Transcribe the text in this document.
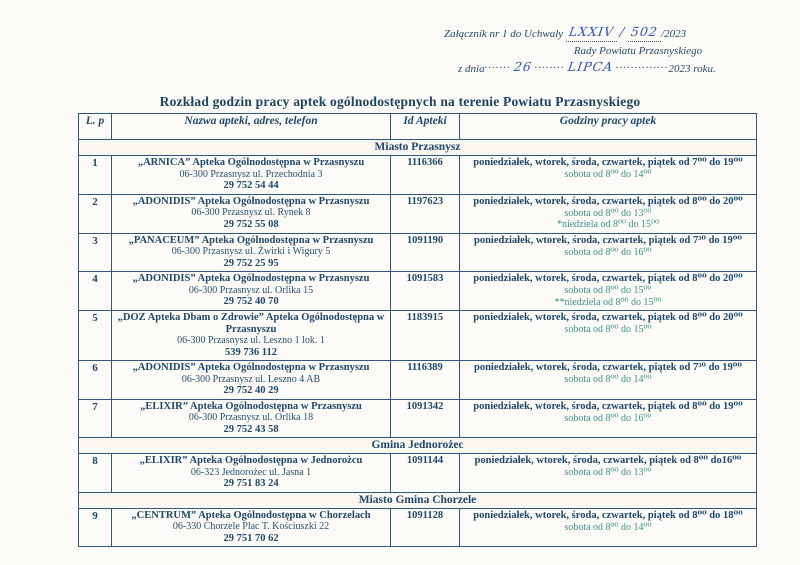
Załącznik nr 1 do Uchwały LXXIV / 502 /2023
Rady Powiatu Przasnyskiego
z dnia....... 26 ........ LIPCA ..............2023 roku.
Rozkład godzin pracy aptek ogólnodostępnych na terenie Powiatu Przasnyskiego
L. p	Nazwa apteki, adres, telefon	Id Apteki	Godziny pracy aptek
Miasto Przasnysz			
1	„ARNICA” Apteka Ogólnodostępna w Przasnyszu
06-300 Przasnysz ul. Przechodnia 3
29 752 54 44	1116366	poniedziałek, wtorek, środa, czwartek, piątek od 7⁰⁰ do 19⁰⁰
sobota od 8⁰⁰ do 14⁰⁰

2	„ADONIDIS” Apteka Ogólnodostępna w Przasnyszu
06-300 Przasnysz ul. Rynek 8
29 752 55 08	1197623	poniedziałek, wtorek, środa, czwartek, piątek od 8⁰⁰ do 20⁰⁰
sobota od 8⁰⁰ do 13⁰⁰
*niedziela od 8⁰⁰ do 15⁰⁰

3	„PANACEUM” Apteka Ogólnodostępna w Przasnyszu
06-300 Przasnysz ul. Żwirki i Wigury 5
29 752 25 95	1091190	poniedziałek, wtorek, środa, czwartek, piątek od 7³⁰ do 19⁰⁰
sobota od 8⁰⁰ do 16⁰⁰

4	„ADONIDIS” Apteka Ogólnodostępna w Przasnyszu
06-300 Przasnysz ul. Orlika 15
29 752 40 70	1091583	poniedziałek, wtorek, środa, czwartek, piątek od 8⁰⁰ do 20⁰⁰
sobota od 8⁰⁰ do 15⁰⁰
**niedziela od 8⁰⁰ do 15⁰⁰

5	„DOZ Apteka Dbam o Zdrowie” Apteka Ogólnodostępna w Przasnyszu
06-300 Przasnysz ul. Leszno 1 lok. 1
539 736 112	1183915	poniedziałek, wtorek, środa, czwartek, piątek od 8⁰⁰ do 20⁰⁰
sobota od 8⁰⁰ do 15⁰⁰

6	„ADONIDIS” Apteka Ogólnodostępna w Przasnyszu
06-300 Przasnysz ul. Leszno 4 AB
29 752 40 29	1116389	poniedziałek, wtorek, środa, czwartek, piątek od 7³⁰ do 19⁰⁰
sobota od 8⁰⁰ do 14⁰⁰

7	„ELIXIR” Apteka Ogólnodostępna w Przasnyszu
06-300 Przasnysz ul. Orlika 18
29 752 43 58	1091342	poniedziałek, wtorek, środa, czwartek, piątek od 8⁰⁰ do 19⁰⁰
sobota od 8⁰⁰ do 16⁰⁰

Gmina Jednorożec			
8	„ELIXIR” Apteka Ogólnodostępna w Jednorożcu
06-323 Jednorożec ul. Jasna 1
29 751 83 24	1091144	poniedziałek, wtorek, środa, czwartek, piątek od 8⁰⁰ do16⁰⁰
sobota od 8⁰⁰ do 13⁰⁰

Miasto Gmina Chorzele			
9	„CENTRUM” Apteka Ogólnodostępna w Chorzelach
06-330 Chorzele Plac T. Kościuszki 22
29 751 70 62	1091128	poniedziałek, wtorek, środa, czwartek, piątek od 8⁰⁰ do 18⁰⁰
sobota od 8⁰⁰ do 14⁰⁰
